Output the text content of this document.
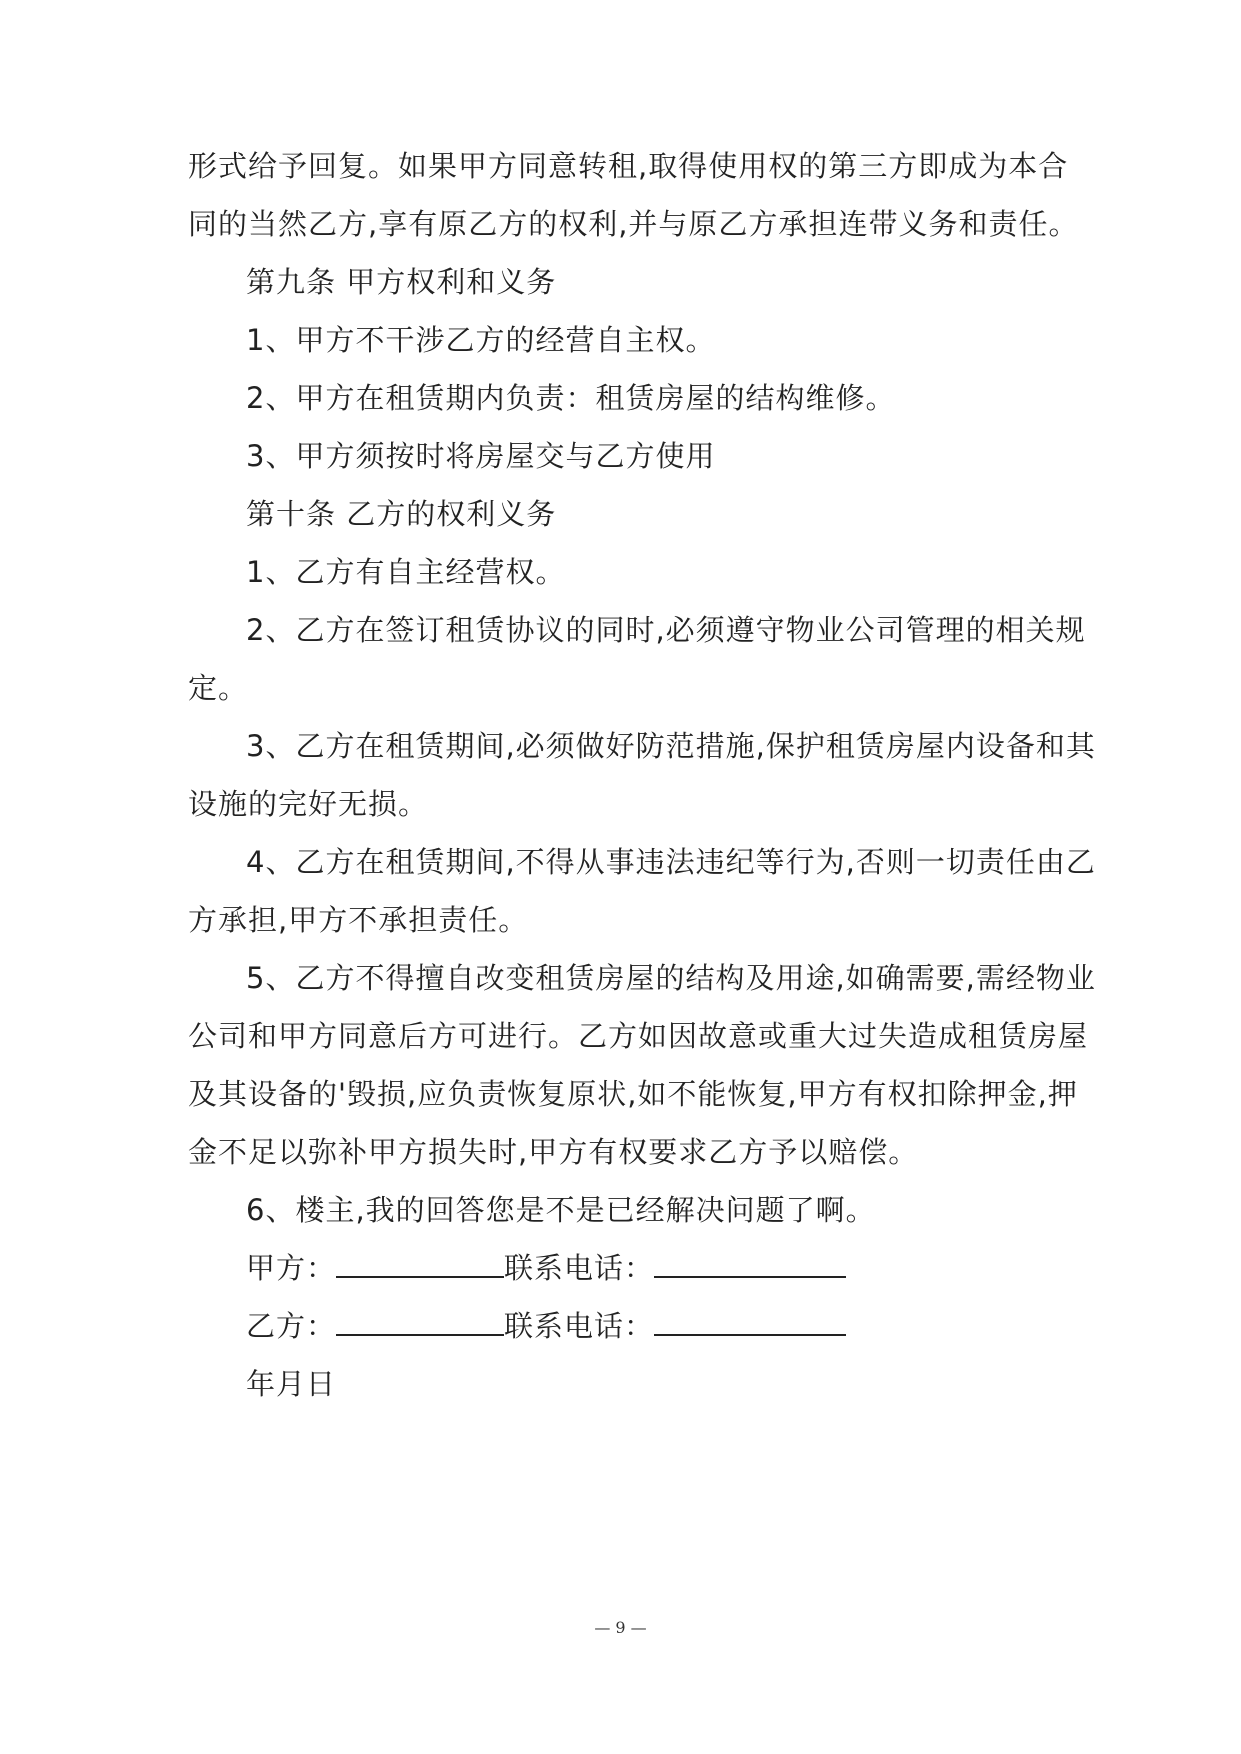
形式给予回复。如果甲方同意转租,取得使用权的第三方即成为本合
同的当然乙方,享有原乙方的权利,并与原乙方承担连带义务和责任。
第九条 甲方权利和义务
1、甲方不干涉乙方的经营自主权。
2、甲方在租赁期内负责：租赁房屋的结构维修。
3、甲方须按时将房屋交与乙方使用
第十条 乙方的权利义务
1、乙方有自主经营权。
2、乙方在签订租赁协议的同时,必须遵守物业公司管理的相关规
定。
3、乙方在租赁期间,必须做好防范措施,保护租赁房屋内设备和其
设施的完好无损。
4、乙方在租赁期间,不得从事违法违纪等行为,否则一切责任由乙
方承担,甲方不承担责任。
5、乙方不得擅自改变租赁房屋的结构及用途,如确需要,需经物业
公司和甲方同意后方可进行。乙方如因故意或重大过失造成租赁房屋
及其设备的'毁损,应负责恢复原状,如不能恢复,甲方有权扣除押金,押
金不足以弥补甲方损失时,甲方有权要求乙方予以赔偿。
6、楼主,我的回答您是不是已经解决问题了啊。
甲方：	联系电话：
乙方：	联系电话：
年月日
— 9 —
